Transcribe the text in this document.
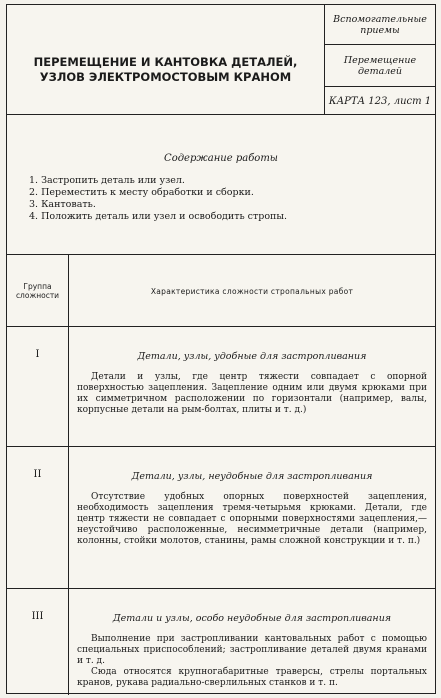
ПЕРЕМЕЩЕНИЕ И КАНТОВКА ДЕТАЛЕЙ,
УЗЛОВ ЭЛЕКТРОМОСТОВЫМ КРАНОМ
Вспомогательные
приемы
Перемещение
деталей
КАРТА 123, лист 1
Содержание работы
1. Застропить деталь или узел.
2. Переместить к месту обработки и сборки.
3. Кантовать.
4. Положить деталь или узел и освободить стропы.
Группа
сложности	Характеристика сложности стропальных работ
I	Детали, узлы, удобные для застропливания

Детали и узлы, где центр тяжести совпадает с опорной поверхностью зацепления. Зацепление одним или двумя крюками при их симметричном расположении по горизонтали (например, валы, корпусные детали на рым-болтах, плиты и т. д.)

II	Детали, узлы, неудобные для застропливания

Отсутствие удобных опорных поверхностей зацепления, необходимость зацепления тремя-четырьмя крюками. Детали, где центр тяжести не совпадает с опорными поверхностями зацепления,— неустойчиво расположенные, несимметричные детали (например, колонны, стойки молотов, станины, рамы сложной конструкции и т. п.)

III	Детали и узлы, особо неудобные для застропливания

Выполнение при застропливании кантовальных работ с помощью специальных приспособлений; застропливание деталей двумя кранами и т. д.

Сюда относятся крупногабаритные траверсы, стрелы портальных кранов, рукава радиально-сверлильных станков и т. п.
